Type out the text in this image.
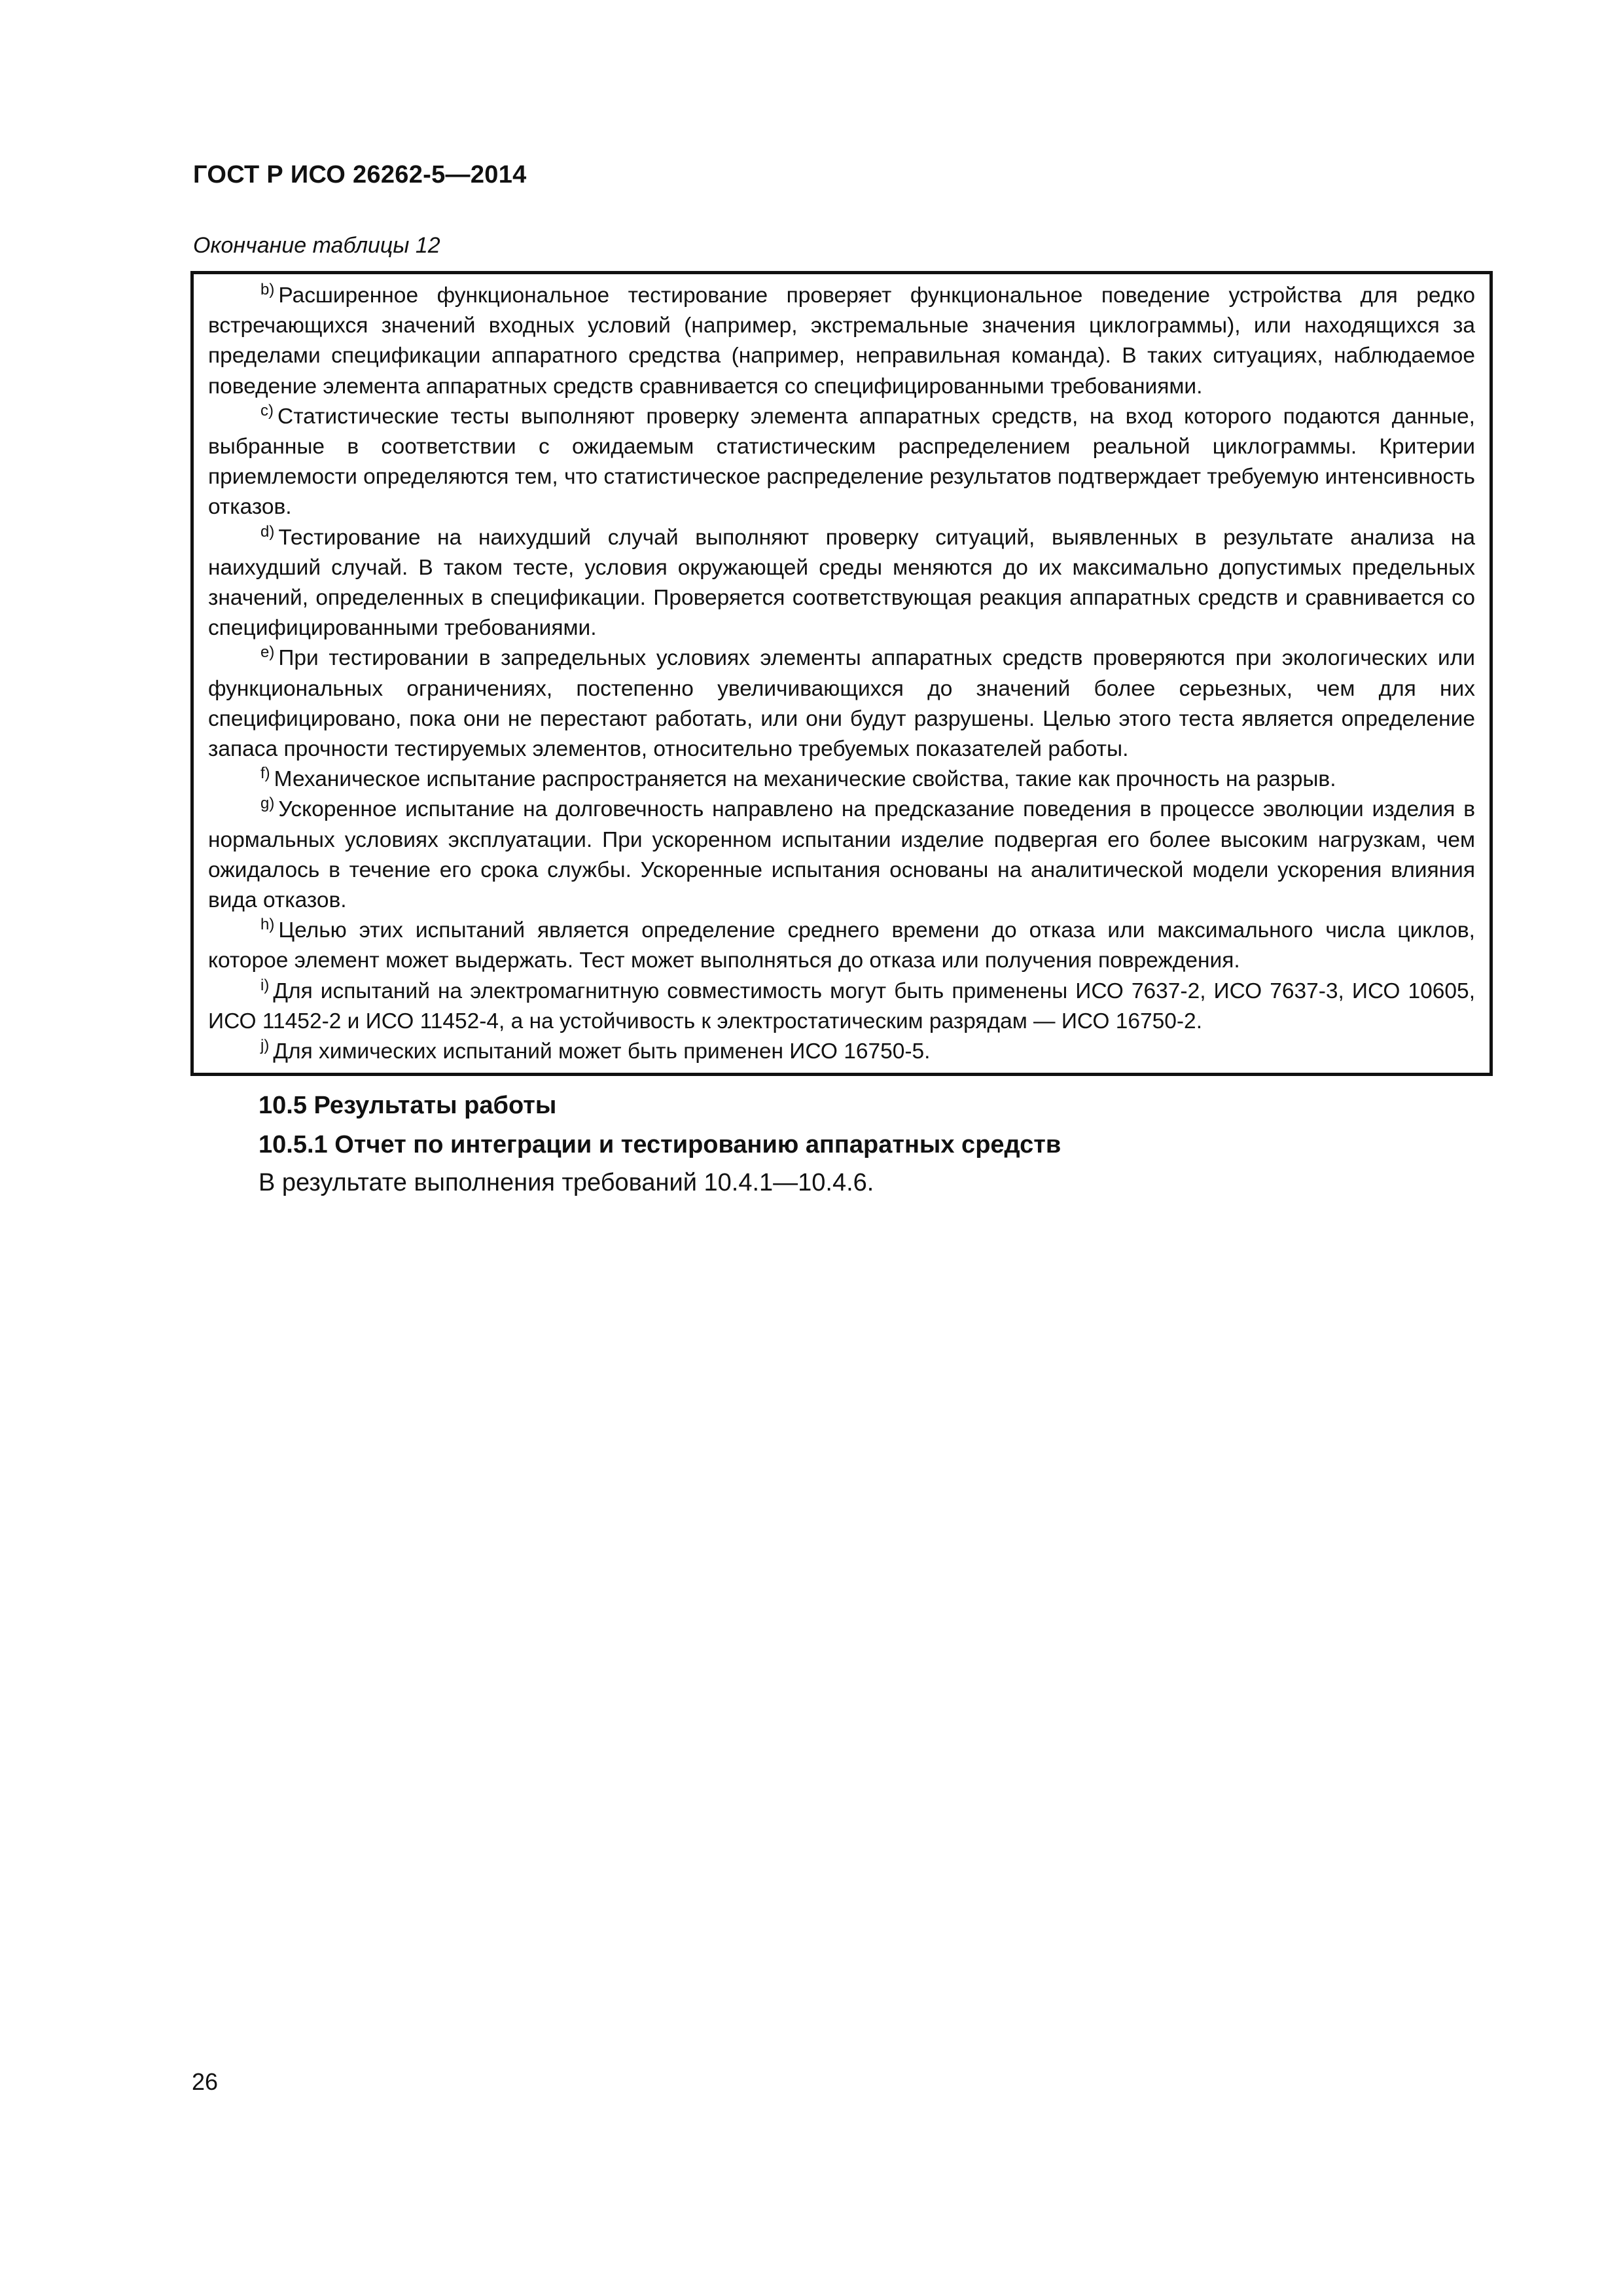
ГОСТ Р ИСО 26262-5—2014
Окончание таблицы 12

$^{b)}$ Расширенное функциональное тестирование проверяет функциональное поведение устройства для редко встречающихся значений входных условий (например, экстремальные значения циклограммы), или находящихся за пределами спецификации аппаратного средства (например, неправильная команда). В таких ситуациях, наблюдаемое поведение элемента аппаратных средств сравнивается со специфицированными требованиями.

$^{c)}$ Статистические тесты выполняют проверку элемента аппаратных средств, на вход которого подаются данные, выбранные в соответствии с ожидаемым статистическим распределением реальной циклограммы. Критерии приемлемости определяются тем, что статистическое распределение результатов подтверждает требуемую интенсивность отказов.

$^{d)}$ Тестирование на наихудший случай выполняют проверку ситуаций, выявленных в результате анализа на наихудший случай. В таком тесте, условия окружающей среды меняются до их максимально допустимых предельных значений, определенных в спецификации. Проверяется соответствующая реакция аппаратных средств и сравнивается со специфицированными требованиями.

$^{e)}$ При тестировании в запредельных условиях элементы аппаратных средств проверяются при экологических или функциональных ограничениях, постепенно увеличивающихся до значений более серьезных, чем для них специфицировано, пока они не перестают работать, или они будут разрушены. Целью этого теста является определение запаса прочности тестируемых элементов, относительно требуемых показателей работы.

$^{f)}$ Механическое испытание распространяется на механические свойства, такие как прочность на разрыв.

$^{g)}$ Ускоренное испытание на долговечность направлено на предсказание поведения в процессе эволюции изделия в нормальных условиях эксплуатации. При ускоренном испытании изделие подвергая его более высоким нагрузкам, чем ожидалось в течение его срока службы. Ускоренные испытания основаны на аналитической модели ускорения влияния вида отказов.

$^{h)}$ Целью этих испытаний является определение среднего времени до отказа или максимального числа циклов, которое элемент может выдержать. Тест может выполняться до отказа или получения повреждения.

$^{i)}$ Для испытаний на электромагнитную совместимость могут быть применены ИСО 7637-2, ИСО 7637-3, ИСО 10605, ИСО 11452-2 и ИСО 11452-4, а на устойчивость к электростатическим разрядам — ИСО 16750-2.

$^{j)}$ Для химических испытаний может быть применен ИСО 16750-5.

10.5 Результаты работы
10.5.1 Отчет по интеграции и тестированию аппаратных средств
В результате выполнения требований 10.4.1—10.4.6.
26
